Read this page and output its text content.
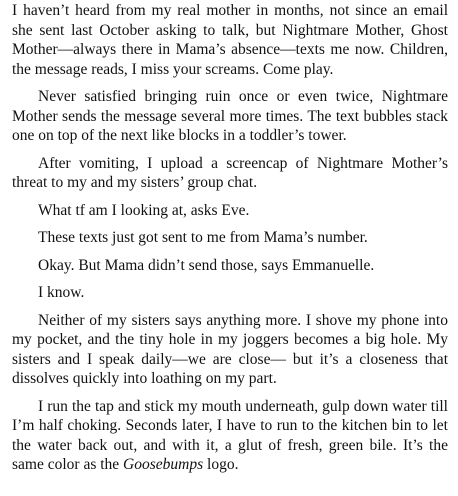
I haven’t heard from my real mother in months, not since an email she sent last October asking to talk, but Nightmare Mother, Ghost Mother—always there in Mama’s absence—texts me now. Children, the message reads, I miss your screams. Come play.

Never satisfied bringing ruin once or even twice, Nightmare Mother sends the message several more times. The text bubbles stack one on top of the next like blocks in a toddler’s tower.

After vomiting, I upload a screencap of Nightmare Mother’s threat to my and my sisters’ group chat.

What tf am I looking at, asks Eve.

These texts just got sent to me from Mama’s number.

Okay. But Mama didn’t send those, says Emmanuelle.

I know.

Neither of my sisters says anything more. I shove my phone into my pocket, and the tiny hole in my joggers becomes a big hole. My sisters and I speak daily—we are close— but it’s a closeness that dissolves quickly into loathing on my part.

I run the tap and stick my mouth underneath, gulp down water till I’m half choking. Seconds later, I have to run to the kitchen bin to let the water back out, and with it, a glut of fresh, green bile. It’s the same color as the Goosebumps logo.
